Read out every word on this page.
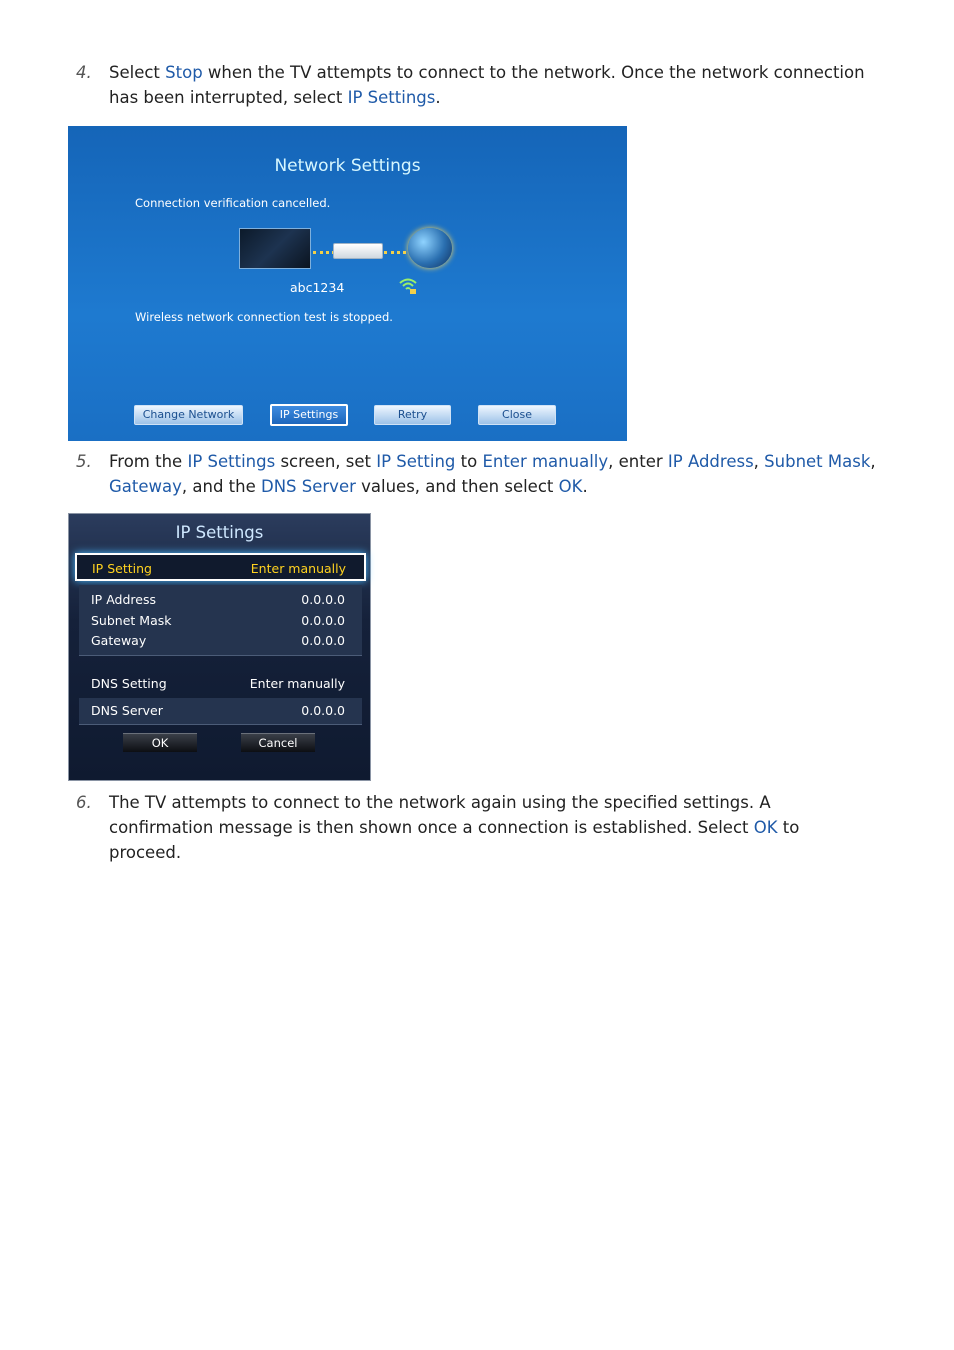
4. Select Stop when the TV attempts to connect to the network. Once the network connection has been interrupted, select IP Settings.
Network Settings
Connection verification cancelled.
abc1234
Wireless network connection test is stopped.
Change Network	IP Settings	Retry	Close
5. From the IP Settings screen, set IP Setting to Enter manually, enter IP Address, Subnet Mask, Gateway, and the DNS Server values, and then select OK.
IP Settings
IP Setting	Enter manually
IP Address	0.0.0.0
Subnet Mask	0.0.0.0
Gateway	0.0.0.0
DNS Setting	Enter manually
DNS Server	0.0.0.0
OK	Cancel
6. The TV attempts to connect to the network again using the specified settings. A confirmation message is then shown once a connection is established. Select OK to proceed.
